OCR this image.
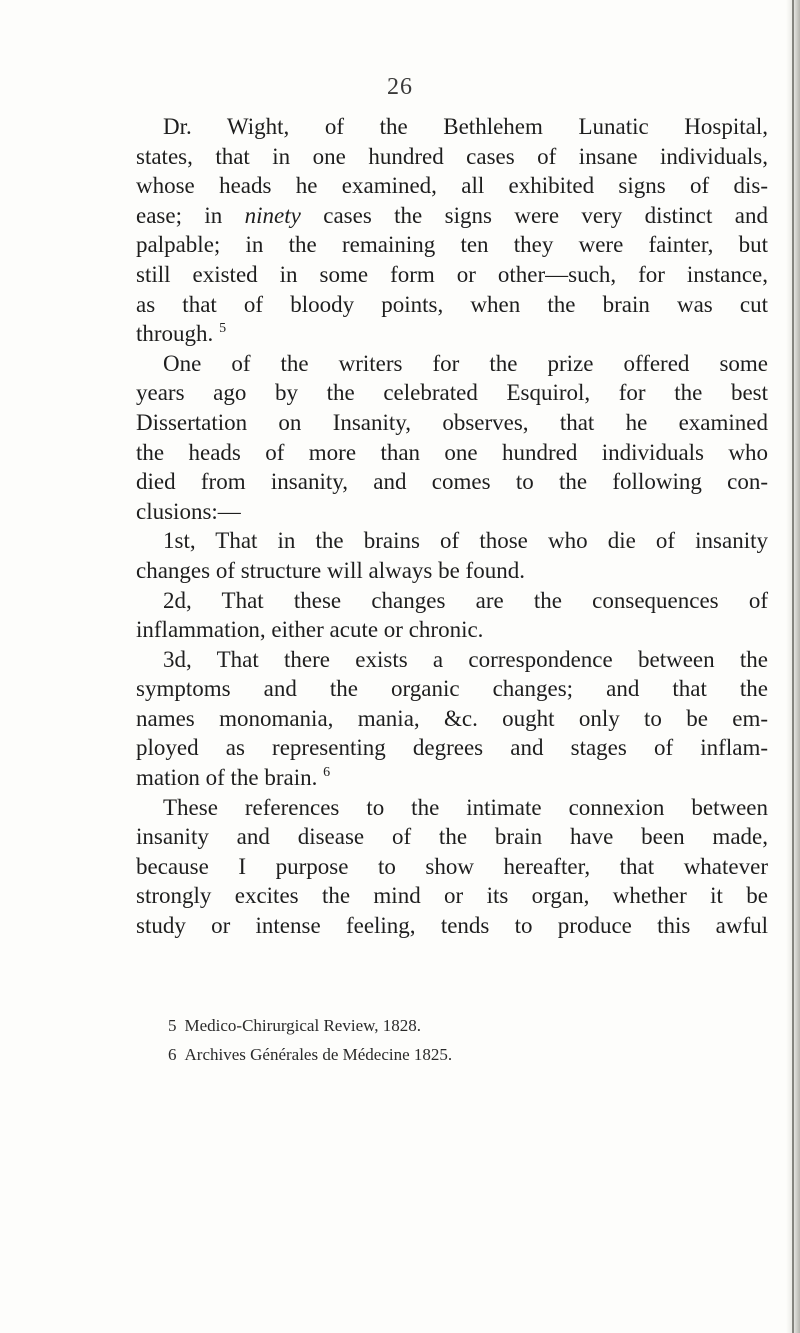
26
Dr. Wight, of the Bethlehem Lunatic Hospital,
states, that in one hundred cases of insane individuals,
whose heads he examined, all exhibited signs of dis-
ease; in ninety cases the signs were very distinct and
palpable; in the remaining ten they were fainter, but
still existed in some form or other—such, for instance,
as that of bloody points, when the brain was cut
through. $^5$
One of the writers for the prize offered some
years ago by the celebrated Esquirol, for the best
Dissertation on Insanity, observes, that he examined
the heads of more than one hundred individuals who
died from insanity, and comes to the following con-
clusions:—
1st, That in the brains of those who die of insanity
changes of structure will always be found.
2d, That these changes are the consequences of
inflammation, either acute or chronic.
3d, That there exists a correspondence between the
symptoms and the organic changes; and that the
names monomania, mania, &c. ought only to be em-
ployed as representing degrees and stages of inflam-
mation of the brain. $^6$
These references to the intimate connexion between
insanity and disease of the brain have been made,
because I purpose to show hereafter, that whatever
strongly excites the mind or its organ, whether it be
study or intense feeling, tends to produce this awful
5 Medico-Chirurgical Review, 1828.
6 Archives Générales de Médecine 1825.
